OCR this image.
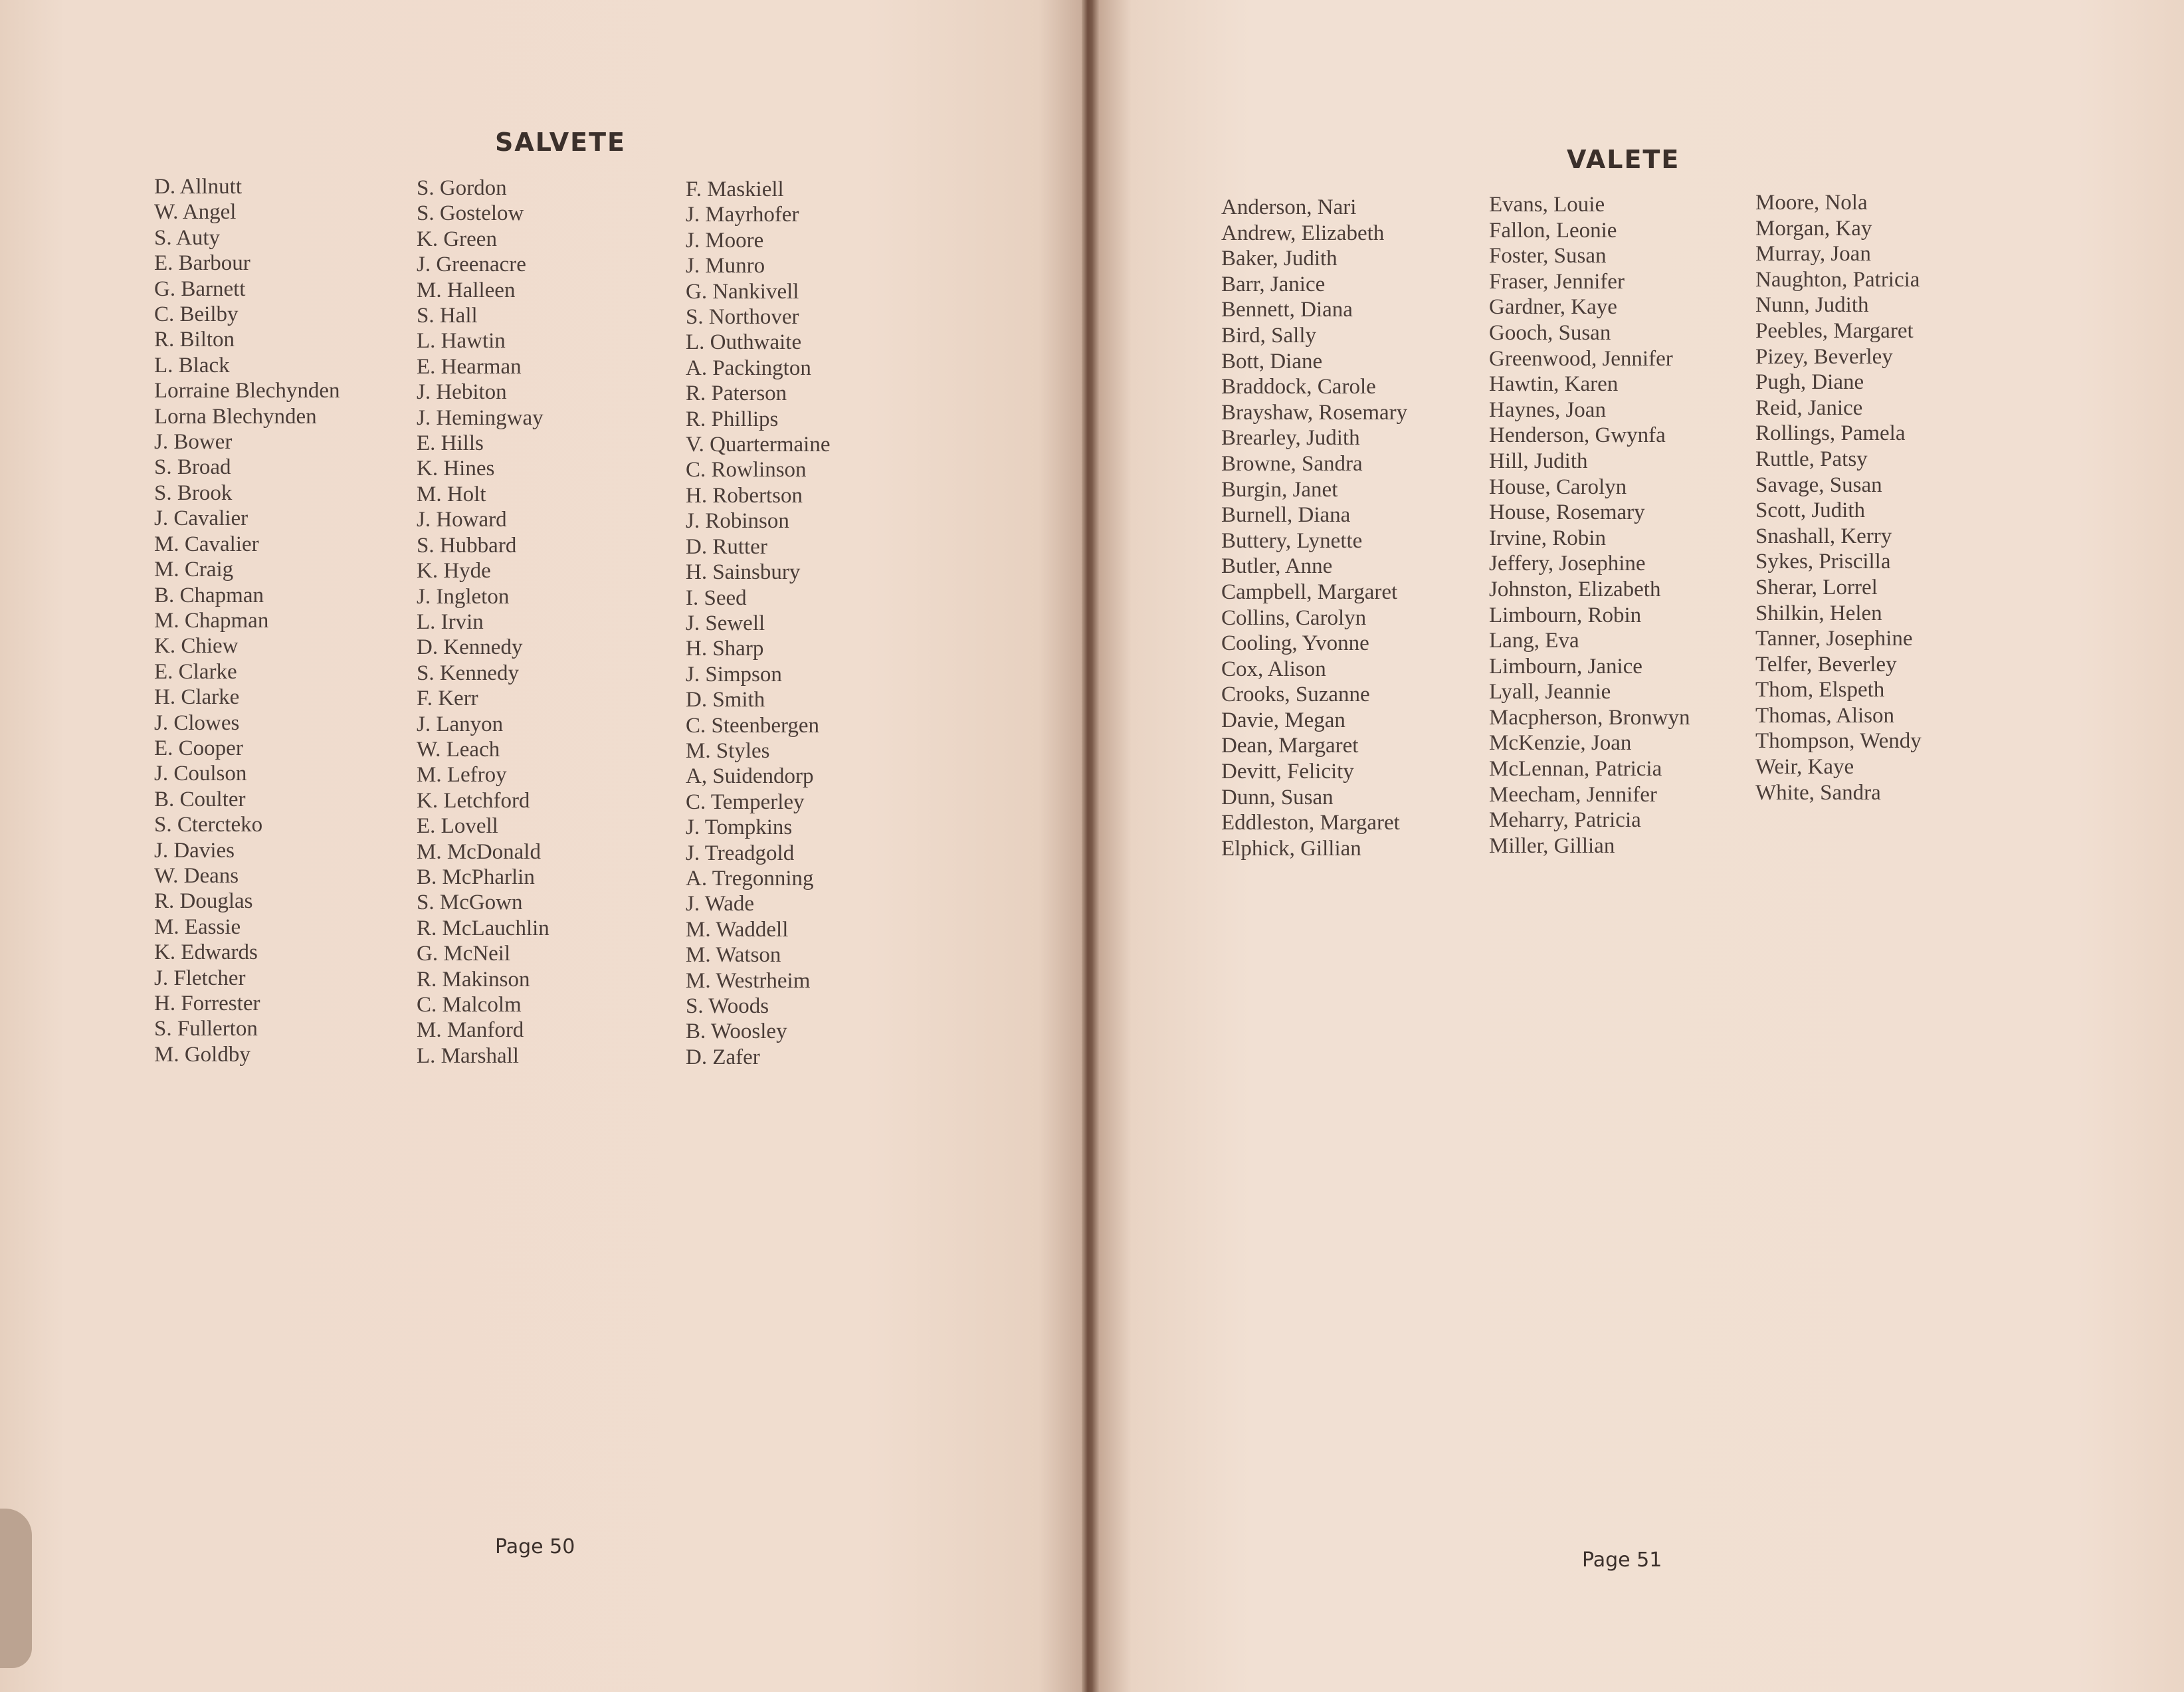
SALVETE
D. Allnutt
W. Angel
S. Auty
E. Barbour
G. Barnett
C. Beilby
R. Bilton
L. Black
Lorraine Blechynden
Lorna Blechynden
J. Bower
S. Broad
S. Brook
J. Cavalier
M. Cavalier
M. Craig
B. Chapman
M. Chapman
K. Chiew
E. Clarke
H. Clarke
J. Clowes
E. Cooper
J. Coulson
B. Coulter
S. Ctercteko
J. Davies
W. Deans
R. Douglas
M. Eassie
K. Edwards
J. Fletcher
H. Forrester
S. Fullerton
M. Goldby
S. Gordon
S. Gostelow
K. Green
J. Greenacre
M. Halleen
S. Hall
L. Hawtin
E. Hearman
J. Hebiton
J. Hemingway
E. Hills
K. Hines
M. Holt
J. Howard
S. Hubbard
K. Hyde
J. Ingleton
L. Irvin
D. Kennedy
S. Kennedy
F. Kerr
J. Lanyon
W. Leach
M. Lefroy
K. Letchford
E. Lovell
M. McDonald
B. McPharlin
S. McGown
R. McLauchlin
G. McNeil
R. Makinson
C. Malcolm
M. Manford
L. Marshall
F. Maskiell
J. Mayrhofer
J. Moore
J. Munro
G. Nankivell
S. Northover
L. Outhwaite
A. Packington
R. Paterson
R. Phillips
V. Quartermaine
C. Rowlinson
H. Robertson
J. Robinson
D. Rutter
H. Sainsbury
I. Seed
J. Sewell
H. Sharp
J. Simpson
D. Smith
C. Steenbergen
M. Styles
A, Suidendorp
C. Temperley
J. Tompkins
J. Treadgold
A. Tregonning
J. Wade
M. Waddell
M. Watson
M. Westrheim
S. Woods
B. Woosley
D. Zafer
Page 50
VALETE
Anderson, Nari
Andrew, Elizabeth
Baker, Judith
Barr, Janice
Bennett, Diana
Bird, Sally
Bott, Diane
Braddock, Carole
Brayshaw, Rosemary
Brearley, Judith
Browne, Sandra
Burgin, Janet
Burnell, Diana
Buttery, Lynette
Butler, Anne
Campbell, Margaret
Collins, Carolyn
Cooling, Yvonne
Cox, Alison
Crooks, Suzanne
Davie, Megan
Dean, Margaret
Devitt, Felicity
Dunn, Susan
Eddleston, Margaret
Elphick, Gillian
Evans, Louie
Fallon, Leonie
Foster, Susan
Fraser, Jennifer
Gardner, Kaye
Gooch, Susan
Greenwood, Jennifer
Hawtin, Karen
Haynes, Joan
Henderson, Gwynfa
Hill, Judith
House, Carolyn
House, Rosemary
Irvine, Robin
Jeffery, Josephine
Johnston, Elizabeth
Limbourn, Robin
Lang, Eva
Limbourn, Janice
Lyall, Jeannie
Macpherson, Bronwyn
McKenzie, Joan
McLennan, Patricia
Meecham, Jennifer
Meharry, Patricia
Miller, Gillian
Moore, Nola
Morgan, Kay
Murray, Joan
Naughton, Patricia
Nunn, Judith
Peebles, Margaret
Pizey, Beverley
Pugh, Diane
Reid, Janice
Rollings, Pamela
Ruttle, Patsy
Savage, Susan
Scott, Judith
Snashall, Kerry
Sykes, Priscilla
Sherar, Lorrel
Shilkin, Helen
Tanner, Josephine
Telfer, Beverley
Thom, Elspeth
Thomas, Alison
Thompson, Wendy
Weir, Kaye
White, Sandra
Page 51
